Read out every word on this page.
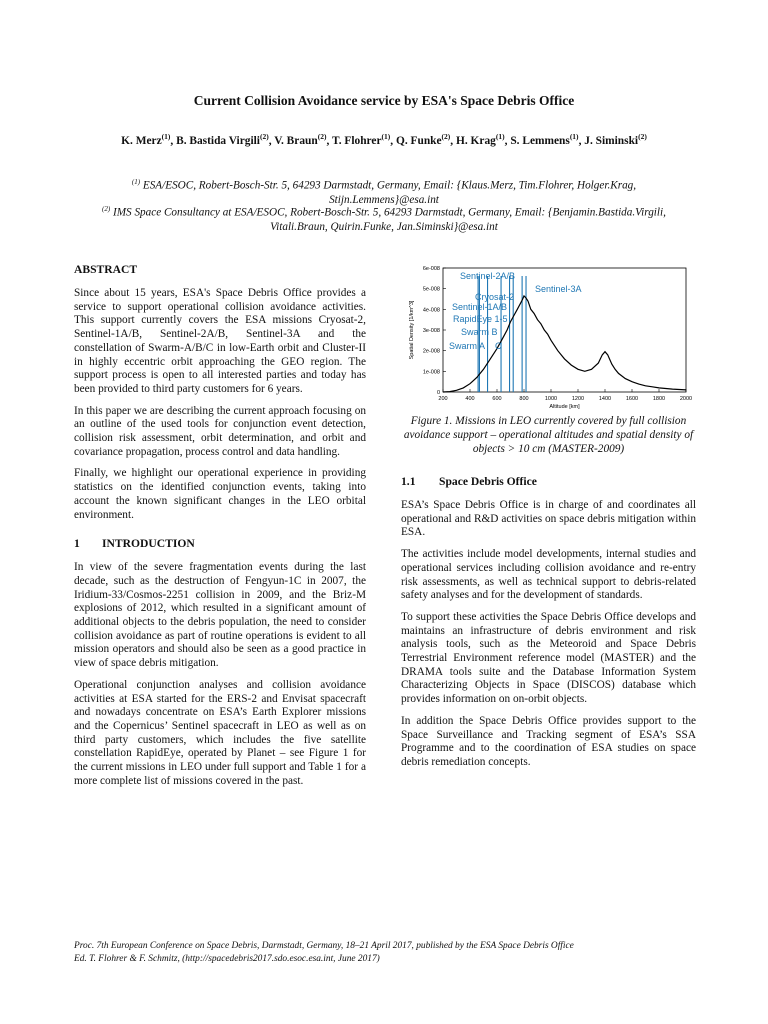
Current Collision Avoidance service by ESA's Space Debris Office
K. Merz$^{(1)}$, B. Bastida Virgili$^{(2)}$, V. Braun$^{(2)}$, T. Flohrer$^{(1)}$, Q. Funke$^{(2)}$, H. Krag$^{(1)}$, S. Lemmens$^{(1)}$, J. Siminski$^{(2)}$
$^{(1)}$ ESA/ESOC, Robert-Bosch-Str. 5, 64293 Darmstadt, Germany, Email: {Klaus.Merz, Tim.Flohrer, Holger.Krag, Stijn.Lemmens}@esa.int
$^{(2)}$ IMS Space Consultancy at ESA/ESOC, Robert-Bosch-Str. 5, 64293 Darmstadt, Germany, Email: {Benjamin.Bastida.Virgili, Vitali.Braun, Quirin.Funke, Jan.Siminski}@esa.int
ABSTRACT

Since about 15 years, ESA's Space Debris Office provides a service to support operational collision avoidance activities. This support currently covers the ESA missions Cryosat-2, Sentinel-1A/B, Sentinel-2A/B, Sentinel-3A and the constellation of Swarm-A/B/C in low-Earth orbit and Cluster-II in highly eccentric orbit approaching the GEO region. The support process is open to all interested parties and today has been provided to third party customers for 6 years.

In this paper we are describing the current approach focusing on an outline of the used tools for conjunction event detection, collision risk assessment, orbit determination, and orbit and covariance propagation, process control and data handling.

Finally, we highlight our operational experience in providing statistics on the identified conjunction events, taking into account the known significant changes in the LEO orbital environment.

1 INTRODUCTION

In view of the severe fragmentation events during the last decade, such as the destruction of Fengyun-1C in 2007, the Iridium-33/Cosmos-2251 collision in 2009, and the Briz-M explosions of 2012, which resulted in a significant amount of additional objects to the debris population, the need to consider collision avoidance as part of routine operations is evident to all mission operators and should also be seen as a good practice in view of space debris mitigation.

Operational conjunction analyses and collision avoidance activities at ESA started for the ERS-2 and Envisat spacecraft and nowadays concentrate on ESA’s Earth Explorer missions and the Copernicus’ Sentinel spacecraft in LEO as well as on third party customers, which includes the five satellite constellation RapidEye, operated by Planet – see Figure 1 for the current missions in LEO under full support and Table 1 for a more complete list of missions covered in the past.

200	400	600	800	1000	1200	1400	1600	1800	2000
0
1e-008
2e-008
3e-008
4e-008
5e-008
6e-008
Altitude [km]
Spatial Density [1/km^3]	Swarm A C
Swarm B
RapidEye 1-5
Sentinel-1A/B
Cryosat-2
Sentinel-2A/B
Sentinel-3A
Figure 1. Missions in LEO currently covered by full collision avoidance support – operational altitudes and spatial density of objects > 10 cm (MASTER-2009)
1.1 Space Debris Office

ESA’s Space Debris Office is in charge of and coordinates all operational and R&D activities on space debris mitigation within ESA.

The activities include model developments, internal studies and operational services including collision avoidance and re-entry risk assessments, as well as technical support to debris-related safety analyses and for the development of standards.

To support these activities the Space Debris Office develops and maintains an infrastructure of debris environment and risk analysis tools, such as the Meteoroid and Space Debris Terrestrial Environment reference model (MASTER) and the DRAMA tools suite and the Database Information System Characterizing Objects in Space (DISCOS) database which provides information on on-orbit objects.

In addition the Space Debris Office provides support to the Space Surveillance and Tracking segment of ESA’s SSA Programme and to the coordination of ESA studies on space debris remediation concepts.

Proc. 7th European Conference on Space Debris, Darmstadt, Germany, 18–21 April 2017, published by the ESA Space Debris Office
Ed. T. Flohrer & F. Schmitz, (http://spacedebris2017.sdo.esoc.esa.int, June 2017)
